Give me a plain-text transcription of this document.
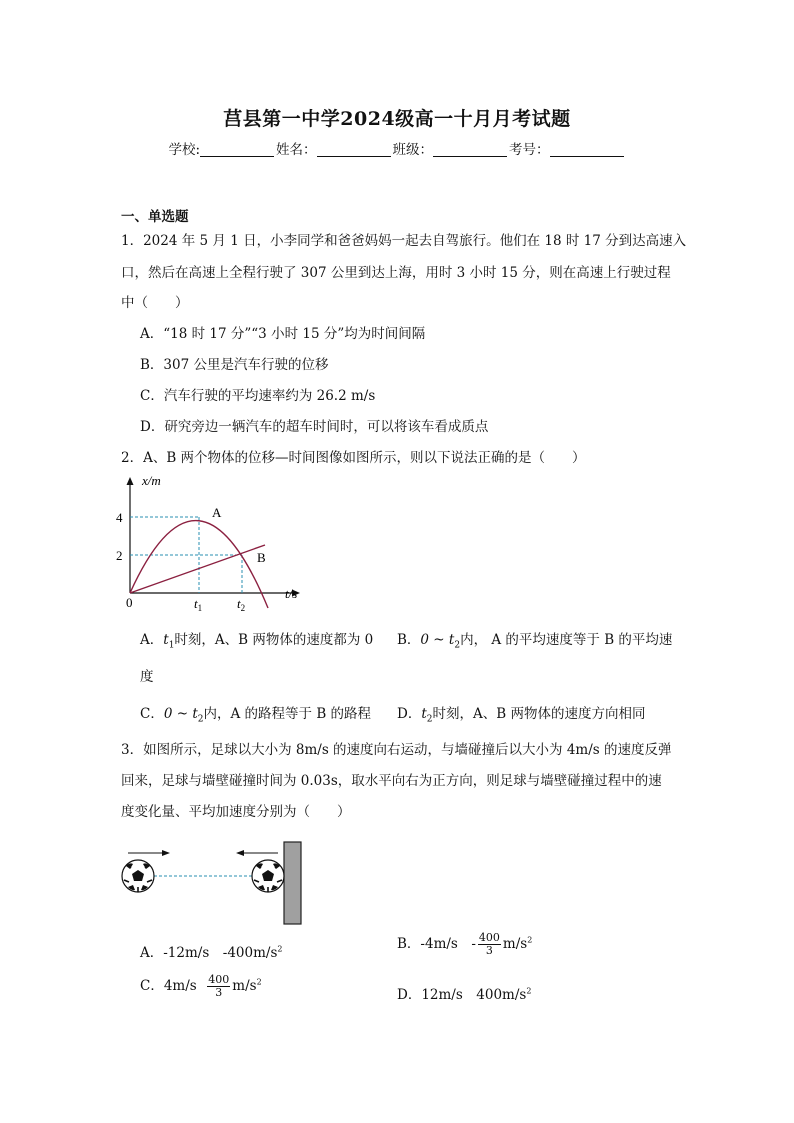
莒县第一中学2024级高一十月月考试题
学校:	姓名：	班级：	考号：
一、单选题
1．2024 年 5 月 1 日，小李同学和爸爸妈妈一起去自驾旅行。他们在 18 时 17 分到达高速入
口，然后在高速上全程行驶了 307 公里到达上海，用时 3 小时 15 分，则在高速上行驶过程
中（　　）
A．“18 时 17 分”“3 小时 15 分”均为时间间隔
B．307 公里是汽车行驶的位移
C．汽车行驶的平均速率约为 26.2 m/s
D．研究旁边一辆汽车的超车时间时，可以将该车看成质点
2．A、B 两个物体的位移—时间图像如图所示，则以下说法正确的是（　　）
x/m
4
2
0
A
B
t/s
$t_1$	$t_2$
A．$t_1$时刻，A、B 两物体的速度都为 0 B．0 ~ $t_2$内， A 的平均速度等于 B 的平均速
度
C．0 ~ $t_2$内，A 的路程等于 B 的路程 D．$t_2$时刻，A、B 两物体的速度方向相同
3．如图所示，足球以大小为 8m/s 的速度向右运动，与墙碰撞后以大小为 4m/s 的速度反弹
回来，足球与墙壁碰撞时间为 0.03s，取水平向右为正方向，则足球与墙壁碰撞过程中的速
度变化量、平均加速度分别为（　　）
A．-12m/s　$-400m/s^2$	B．-4m/s　- $\frac{400}{3} m/s^2$
C．$4m/s \frac{400}{3} m/s^2$
D．12m/s　$400m/s^2$
